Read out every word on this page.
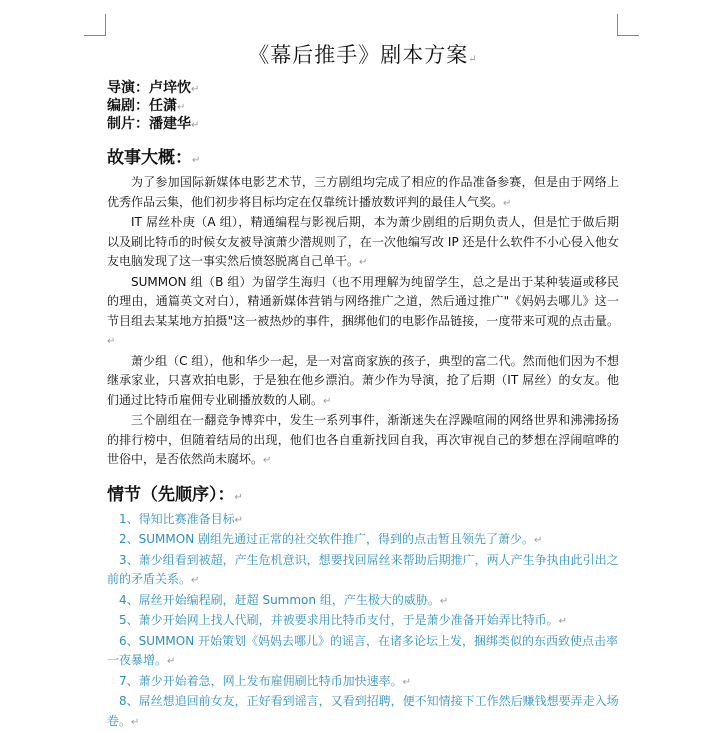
《幕后推手》剧本方案↵
导演：卢垶忺↵
编剧：任潇↵
制片：潘建华↵
故事大概：↵
为了参加国际新媒体电影艺术节，三方剧组均完成了相应的作品准备参赛，但是由于网络上优秀作品云集，他们初步将目标均定在仅靠统计播放数评判的最佳人气奖。↵
IT 屌丝朴庚（A 组），精通编程与影视后期，本为萧少剧组的后期负责人，但是忙于做后期以及刷比特币的时候女友被导演萧少潜规则了，在一次他编写改 IP 还是什么软件不小心侵入他女友电脑发现了这一事实然后愤怒脱离自己单干。↵
SUMMON 组（B 组）为留学生海归（也不用理解为纯留学生，总之是出于某种装逼或移民的理由，通篇英文对白），精通新媒体营销与网络推广之道，然后通过推广"《妈妈去哪儿》这一节目组去某某地方拍摄"这一被热炒的事件，捆绑他们的电影作品链接，一度带来可观的点击量。↵
萧少组（C 组），他和华少一起，是一对富商家族的孩子，典型的富二代。然而他们因为不想继承家业，只喜欢拍电影，于是独在他乡漂泊。萧少作为导演，抢了后期（IT 屌丝）的女友。他们通过比特币雇佣专业刷播放数的人刷。↵
三个剧组在一翻竞争博弈中，发生一系列事件，渐渐迷失在浮躁喧闹的网络世界和沸沸扬扬的排行榜中，但随着结局的出现，他们也各自重新找回自我，再次审视自己的梦想在浮闹喧哗的世俗中，是否依然尚未腐坏。↵
情节（先顺序）：↵
1、得知比赛准备目标↵
2、SUMMON 剧组先通过正常的社交软件推广，得到的点击暂且领先了萧少。↵
3、萧少组看到被超，产生危机意识，想要找回屌丝来帮助后期推广，两人产生争执由此引出之前的矛盾关系。↵
4、屌丝开始编程刷，赶超 Summon 组，产生极大的威胁。↵
5、萧少开始网上找人代刷，并被要求用比特币支付，于是萧少准备开始弄比特币。↵
6、SUMMON 开始策划《妈妈去哪儿》的谣言，在诸多论坛上发，捆绑类似的东西致使点击率一夜暴增。↵
7、萧少开始着急，网上发布雇佣刷比特币加快速率。↵
8、屌丝想追回前女友，正好看到谣言，又看到招聘，便不知情接下工作然后赚钱想要弄走入场卷。↵
